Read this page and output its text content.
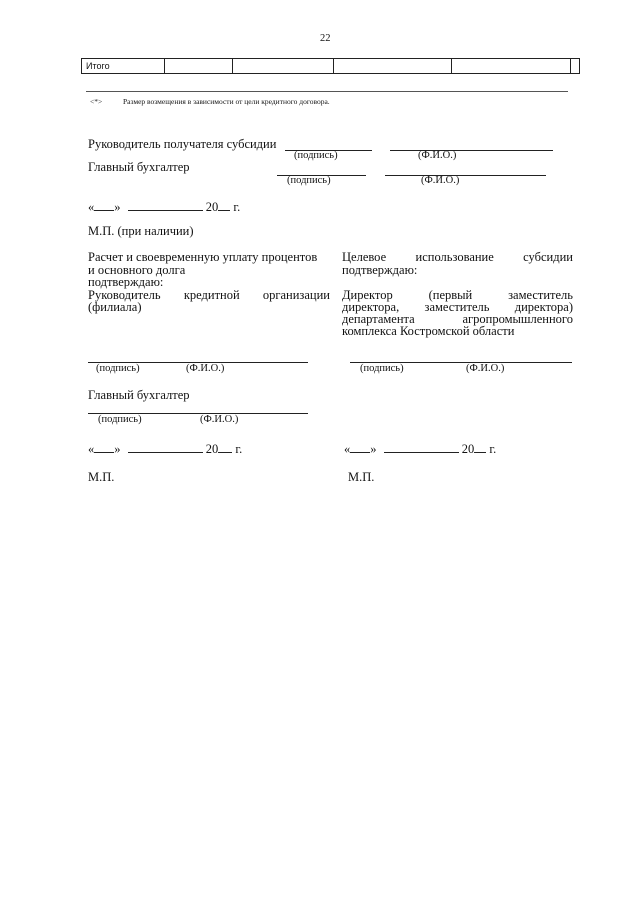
22
Итого					
<*>	Размер возмещения в зависимости от цели кредитного договора.
Руководитель получателя субсидии
(подпись)	(Ф.И.О.)
Главный бухгалтер
(подпись)	(Ф.И.О.)
« »	20 г.
М.П. (при наличии)
Расчет и своевременную уплату процентов
и основного долга
подтверждаю:
Руководитель кредитной организации
(филиала)
Целевое использование субсидии
подтверждаю:
Директор	(первый	заместитель
директора, заместитель директора)
департамента	агропромышленного
комплекса Костромской области
(подпись)	(Ф.И.О.)	(подпись)	(Ф.И.О.)
Главный бухгалтер
(подпись)	(Ф.И.О.)
« »	20 г.	« »	20 г.
М.П.	М.П.
